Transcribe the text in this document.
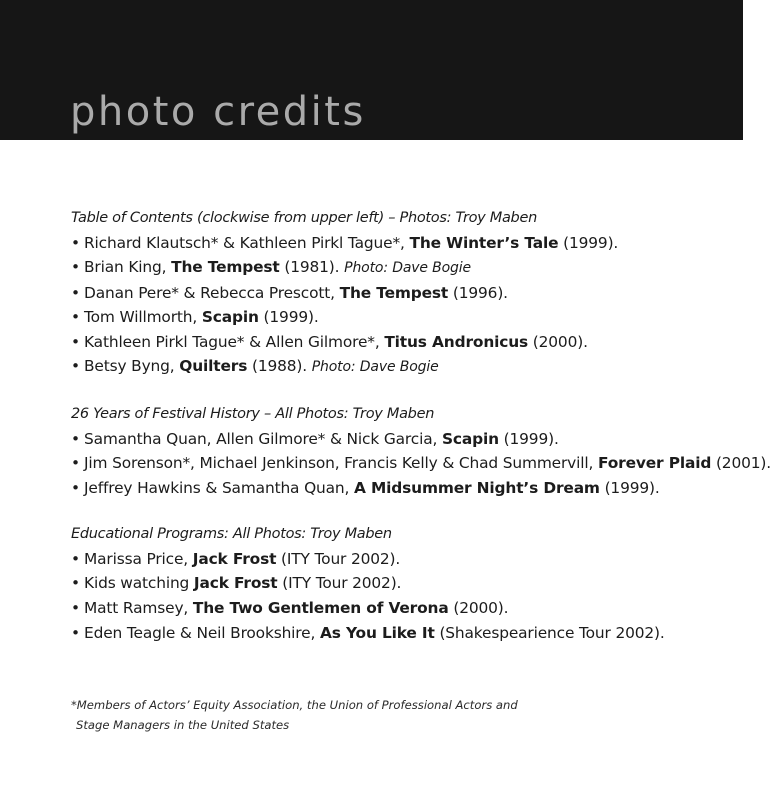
photo credits
Table of Contents (clockwise from upper left) – Photos: Troy Maben
• Richard Klautsch* & Kathleen Pirkl Tague*, The Winter’s Tale (1999).
• Brian King, The Tempest (1981). Photo: Dave Bogie
• Danan Pere* & Rebecca Prescott, The Tempest (1996).
• Tom Willmorth, Scapin (1999).
• Kathleen Pirkl Tague* & Allen Gilmore*, Titus Andronicus (2000).
• Betsy Byng, Quilters (1988). Photo: Dave Bogie
26 Years of Festival History – All Photos: Troy Maben
• Samantha Quan, Allen Gilmore* & Nick Garcia, Scapin (1999).
• Jim Sorenson*, Michael Jenkinson, Francis Kelly & Chad Summervill, Forever Plaid (2001).
• Jeffrey Hawkins & Samantha Quan, A Midsummer Night’s Dream (1999).
Educational Programs: All Photos: Troy Maben
• Marissa Price, Jack Frost (ITY Tour 2002).
• Kids watching Jack Frost (ITY Tour 2002).
• Matt Ramsey, The Two Gentlemen of Verona (2000).
• Eden Teagle & Neil Brookshire, As You Like It (Shakespearience Tour 2002).
*Members of Actors’ Equity Association, the Union of Professional Actors and
Stage Managers in the United States
